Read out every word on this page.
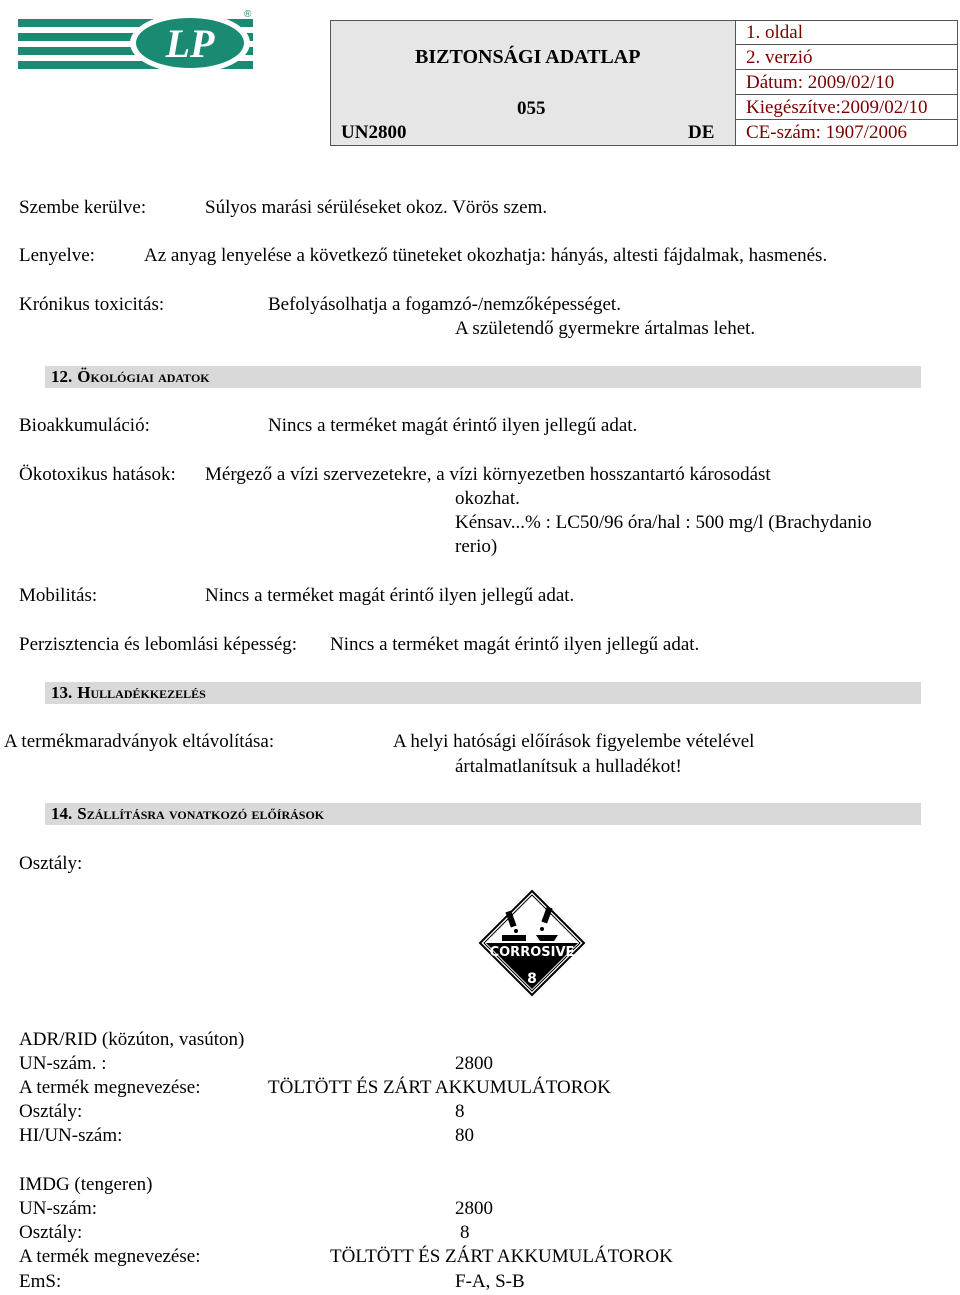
LP
®
BIZTONSÁGI ADATLAP
055
UN2800	DE
1. oldal
2. verzió
Dátum: 2009/02/10
Kiegészítve:2009/02/10
CE-szám: 1907/2006
Szembe kerülve:	Súlyos marási sérüléseket okoz. Vörös szem.
Lenyelve:	Az anyag lenyelése a következő tüneteket okozhatja: hányás, altesti fájdalmak, hasmenés.
Krónikus toxicitás:	Befolyásolhatja a fogamzó-/nemzőképességet.
A születendő gyermekre ártalmas lehet.
12. Ökológiai adatok
Bioakkumuláció:	Nincs a terméket magát érintő ilyen jellegű adat.
Ökotoxikus hatások: Mérgező a vízi szervezetekre, a vízi környezetben hosszantartó károsodást
okozhat.
Kénsav...% : LC50/96 óra/hal : 500 mg/l (Brachydanio
rerio)
Mobilitás:	Nincs a terméket magát érintő ilyen jellegű adat.
Perzisztencia és lebomlási képesség: Nincs a terméket magát érintő ilyen jellegű adat.
13. Hulladékkezelés
A termékmaradványok eltávolítása:	A helyi hatósági előírások figyelembe vételével
ártalmatlanítsuk a hulladékot!
14. Szállításra vonatkozó előírások
Osztály:
CORROSIVE
8
ADR/RID (közúton, vasúton)
UN-szám. :	2800
A termék megnevezése:	TÖLTÖTT ÉS ZÁRT AKKUMULÁTOROK
Osztály:	8
HI/UN-szám:	80
IMDG (tengeren)
UN-szám:	2800
Osztály:	8
A termék megnevezése:	TÖLTÖTT ÉS ZÁRT AKKUMULÁTOROK
EmS:	F-A, S-B
